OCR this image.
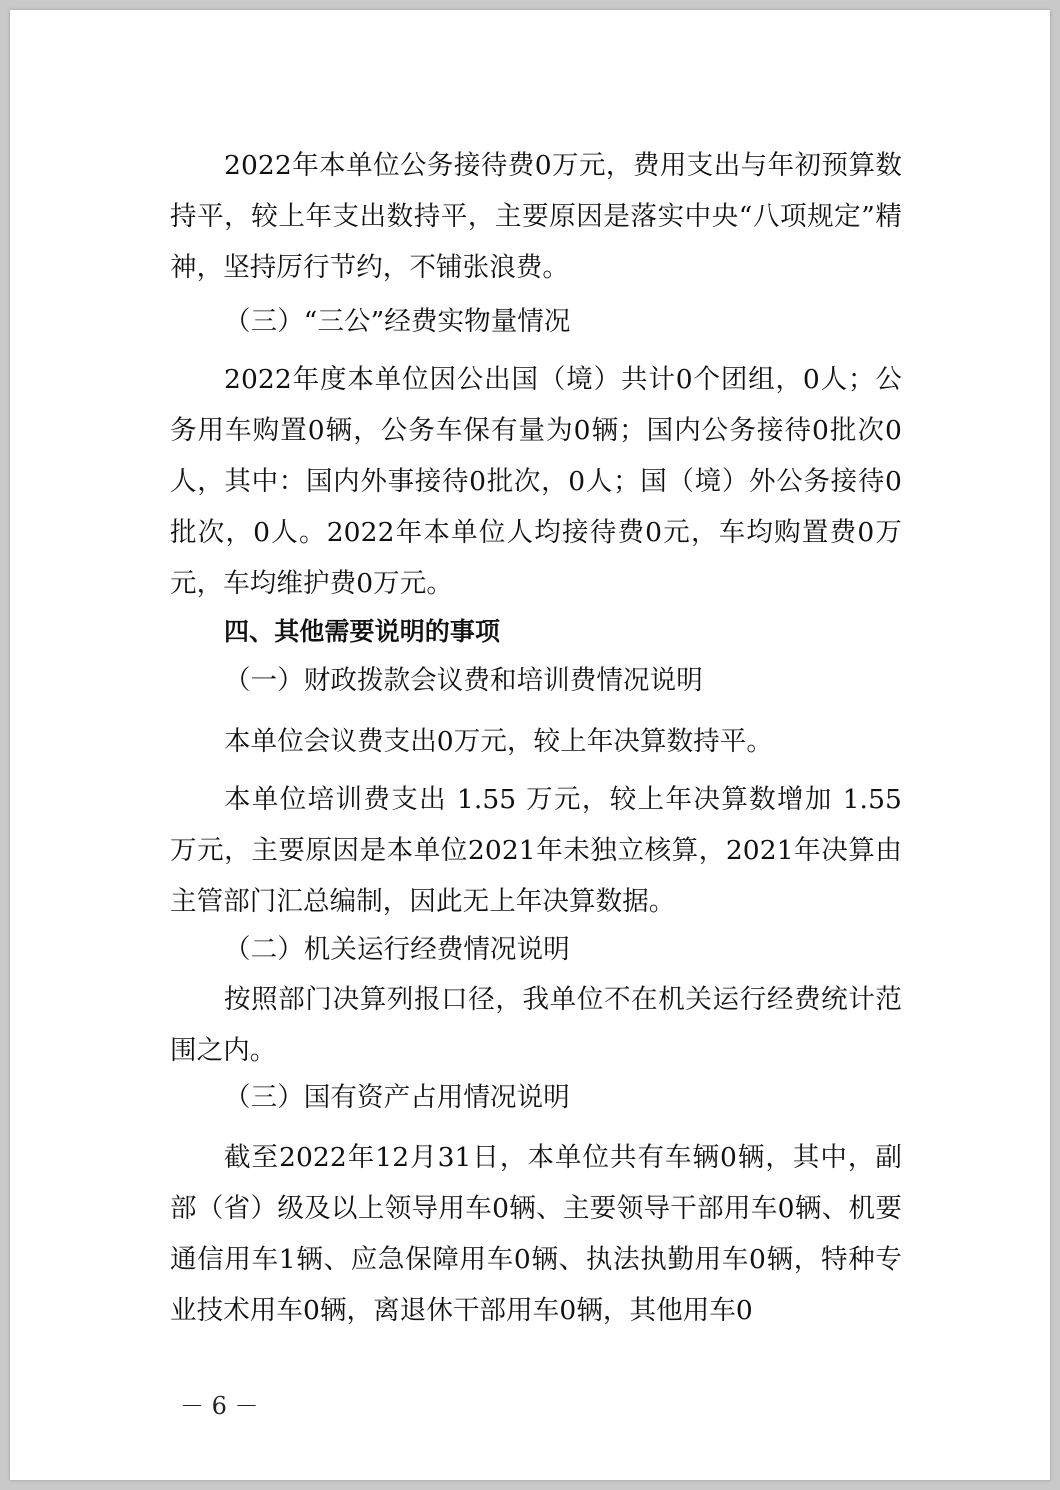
2022年本单位公务接待费0万元，费用支出与年初预算数持平，较上年支出数持平，主要原因是落实中央“八项规定”精神，坚持厉行节约，不铺张浪费。

（三）“三公”经费实物量情况

2022年度本单位因公出国（境）共计0个团组，0人；公务用车购置0辆，公务车保有量为0辆；国内公务接待0批次0人，其中：国内外事接待0批次，0人；国（境）外公务接待0批次，0人。2022年本单位人均接待费0元，车均购置费0万元，车均维护费0万元。

四、其他需要说明的事项

（一）财政拨款会议费和培训费情况说明

本单位会议费支出0万元，较上年决算数持平。

本单位培训费支出 1.55 万元，较上年决算数增加 1.55 万元，主要原因是本单位2021年未独立核算，2021年决算由主管部门汇总编制，因此无上年决算数据。

（二）机关运行经费情况说明

按照部门决算列报口径，我单位不在机关运行经费统计范围之内。

（三）国有资产占用情况说明

截至2022年12月31日，本单位共有车辆0辆，其中，副部（省）级及以上领导用车0辆、主要领导干部用车0辆、机要通信用车1辆、应急保障用车0辆、执法执勤用车0辆，特种专业技术用车0辆，离退休干部用车0辆，其他用车0

－ 6 －
